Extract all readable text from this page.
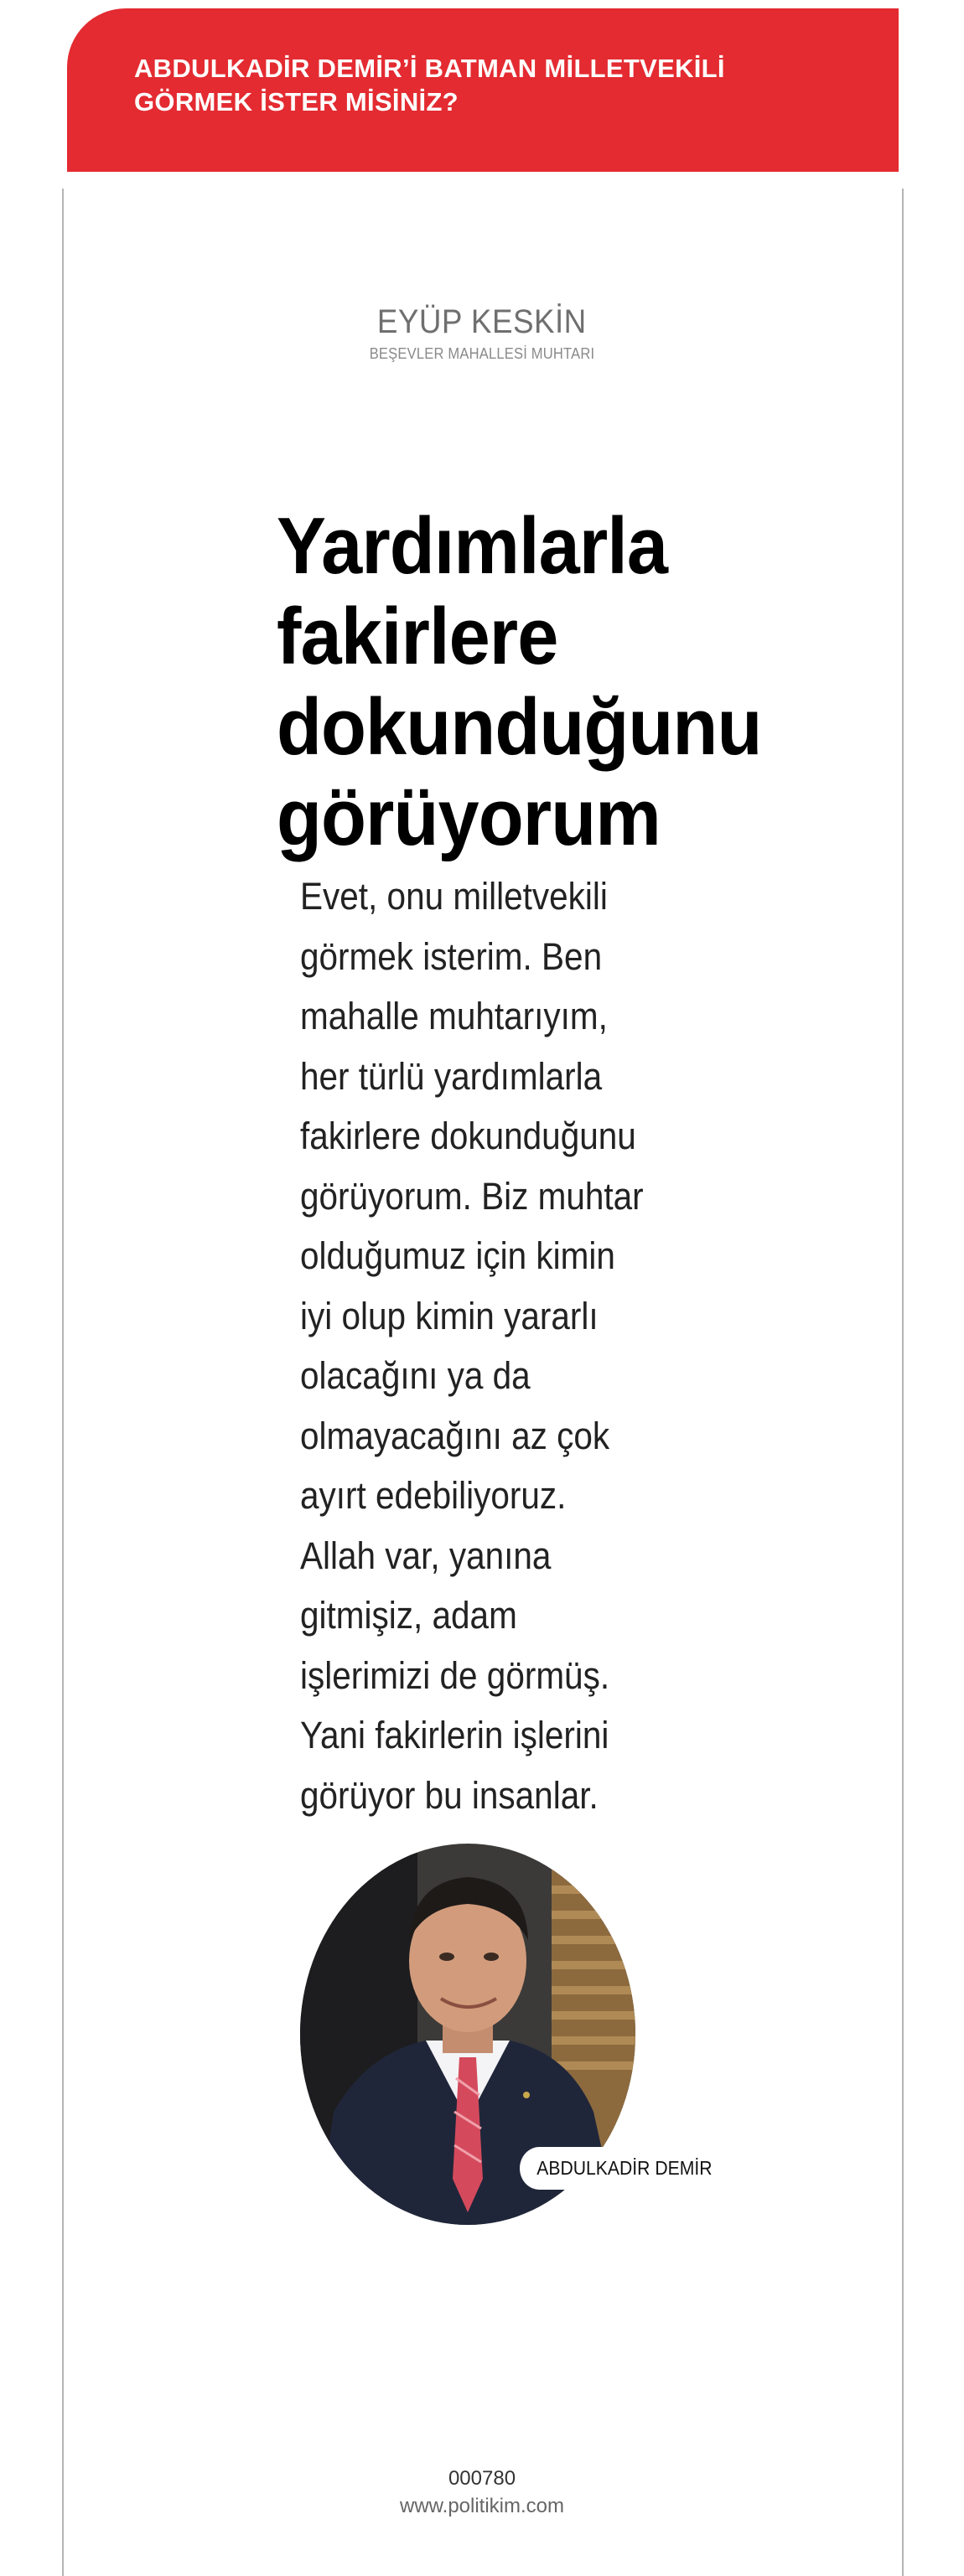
ABDULKADİR DEMİR’İ BATMAN MİLLETVEKİLİ
GÖRMEK İSTER MİSİNİZ?
EYÜP KESKİN
BEŞEVLER MAHALLESİ MUHTARI
Yardımlarla
fakirlere
dokunduğunu
görüyorum

Evet, onu milletvekili
görmek isterim. Ben
mahalle muhtarıyım,
her türlü yardımlarla
fakirlere dokunduğunu
görüyorum. Biz muhtar
olduğumuz için kimin
iyi olup kimin yararlı
olacağını ya da
olmayacağını az çok
ayırt edebiliyoruz.
Allah var, yanına
gitmişiz, adam
işlerimizi de görmüş.
Yani fakirlerin işlerini
görüyor bu insanlar.

ABDULKADİR DEMİR
000780
www.politikim.com
